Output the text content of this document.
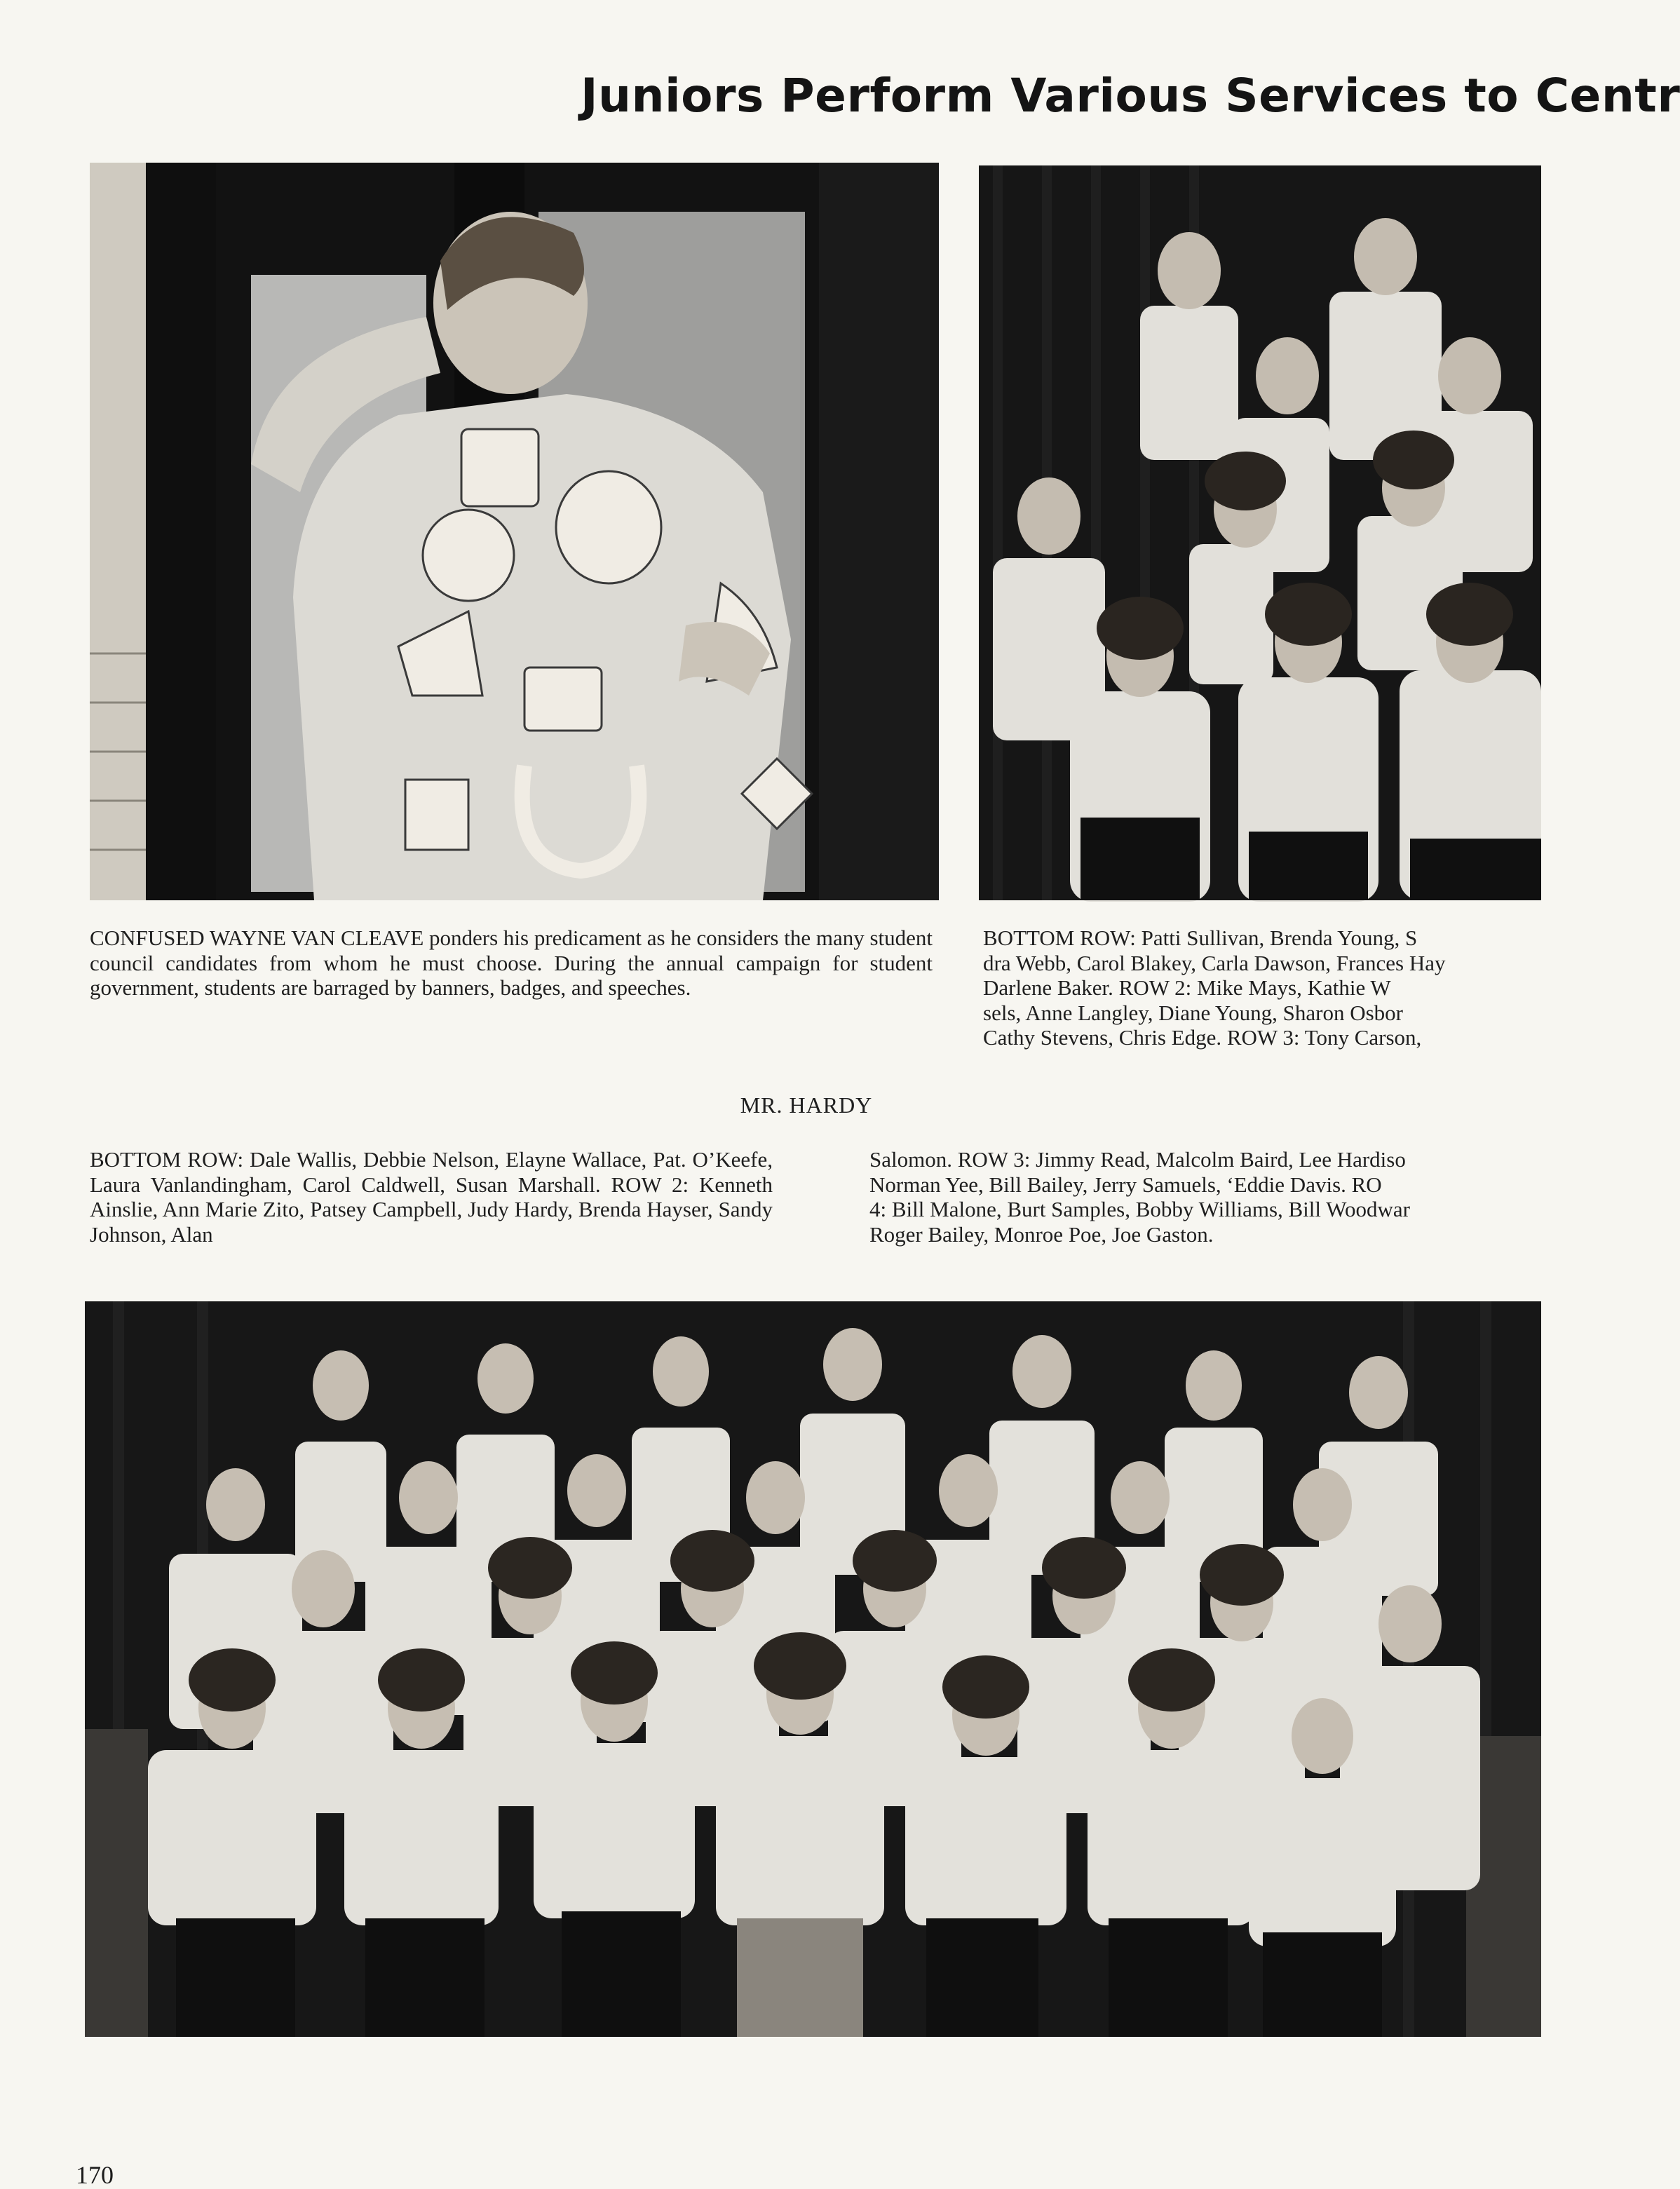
Juniors Perform Various Services to Centr

CONFUSED WAYNE VAN CLEAVE ponders his predicament as he considers the many student council candidates from whom he must choose. During the annual campaign for student government, students are barraged by banners, badges, and speeches.

BOTTOM ROW: Patti Sullivan, Brenda Young, S
dra Webb, Carol Blakey, Carla Dawson, Frances Hay
Darlene Baker. ROW 2: Mike Mays, Kathie W
sels, Anne Langley, Diane Young, Sharon Osbor
Cathy Stevens, Chris Edge. ROW 3: Tony Carson,

MR. HARDY

BOTTOM ROW: Dale Wallis, Debbie Nelson, Elayne Wallace, Pat. O’Keefe, Laura Vanlandingham, Carol Caldwell, Susan Marshall. ROW 2: Kenneth Ainslie, Ann Marie Zito, Patsey Campbell, Judy Hardy, Brenda Hayser, Sandy Johnson, Alan

Salomon. ROW 3: Jimmy Read, Malcolm Baird, Lee Hardiso
Norman Yee, Bill Bailey, Jerry Samuels, ‘Eddie Davis. RO
4: Bill Malone, Burt Samples, Bobby Williams, Bill Woodwar
Roger Bailey, Monroe Poe, Joe Gaston.

170
